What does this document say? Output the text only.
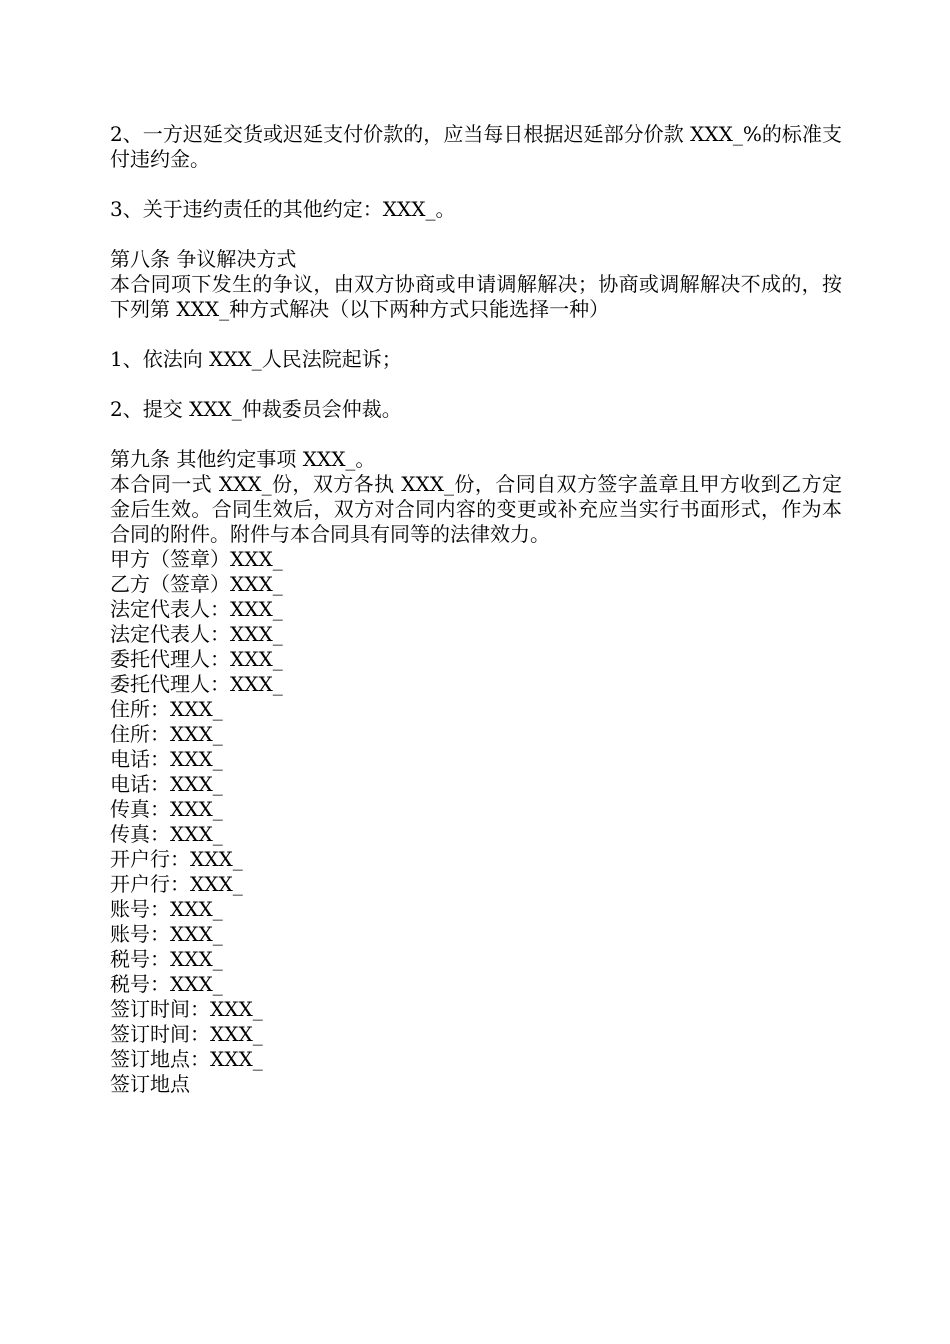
2、一方迟延交货或迟延支付价款的，应当每日根据迟延部分价款 XXX_%的标准支付违约金。

3、关于违约责任的其他约定：XXX_。

第八条 争议解决方式

本合同项下发生的争议，由双方协商或申请调解解决；协商或调解解决不成的，按下列第 XXX_种方式解决（以下两种方式只能选择一种）

1、依法向 XXX_人民法院起诉；

2、提交 XXX_仲裁委员会仲裁。

第九条 其他约定事项 XXX_。

本合同一式 XXX_份，双方各执 XXX_份，合同自双方签字盖章且甲方收到乙方定金后生效。合同生效后，双方对合同内容的变更或补充应当实行书面形式，作为本合同的附件。附件与本合同具有同等的法律效力。

甲方（签章）XXX_

乙方（签章）XXX_

法定代表人：XXX_

法定代表人：XXX_

委托代理人：XXX_

委托代理人：XXX_

住所：XXX_

住所：XXX_

电话：XXX_

电话：XXX_

传真：XXX_

传真：XXX_

开户行：XXX_

开户行：XXX_

账号：XXX_

账号：XXX_

税号：XXX_

税号：XXX_

签订时间：XXX_

签订时间：XXX_

签订地点：XXX_

签订地点
